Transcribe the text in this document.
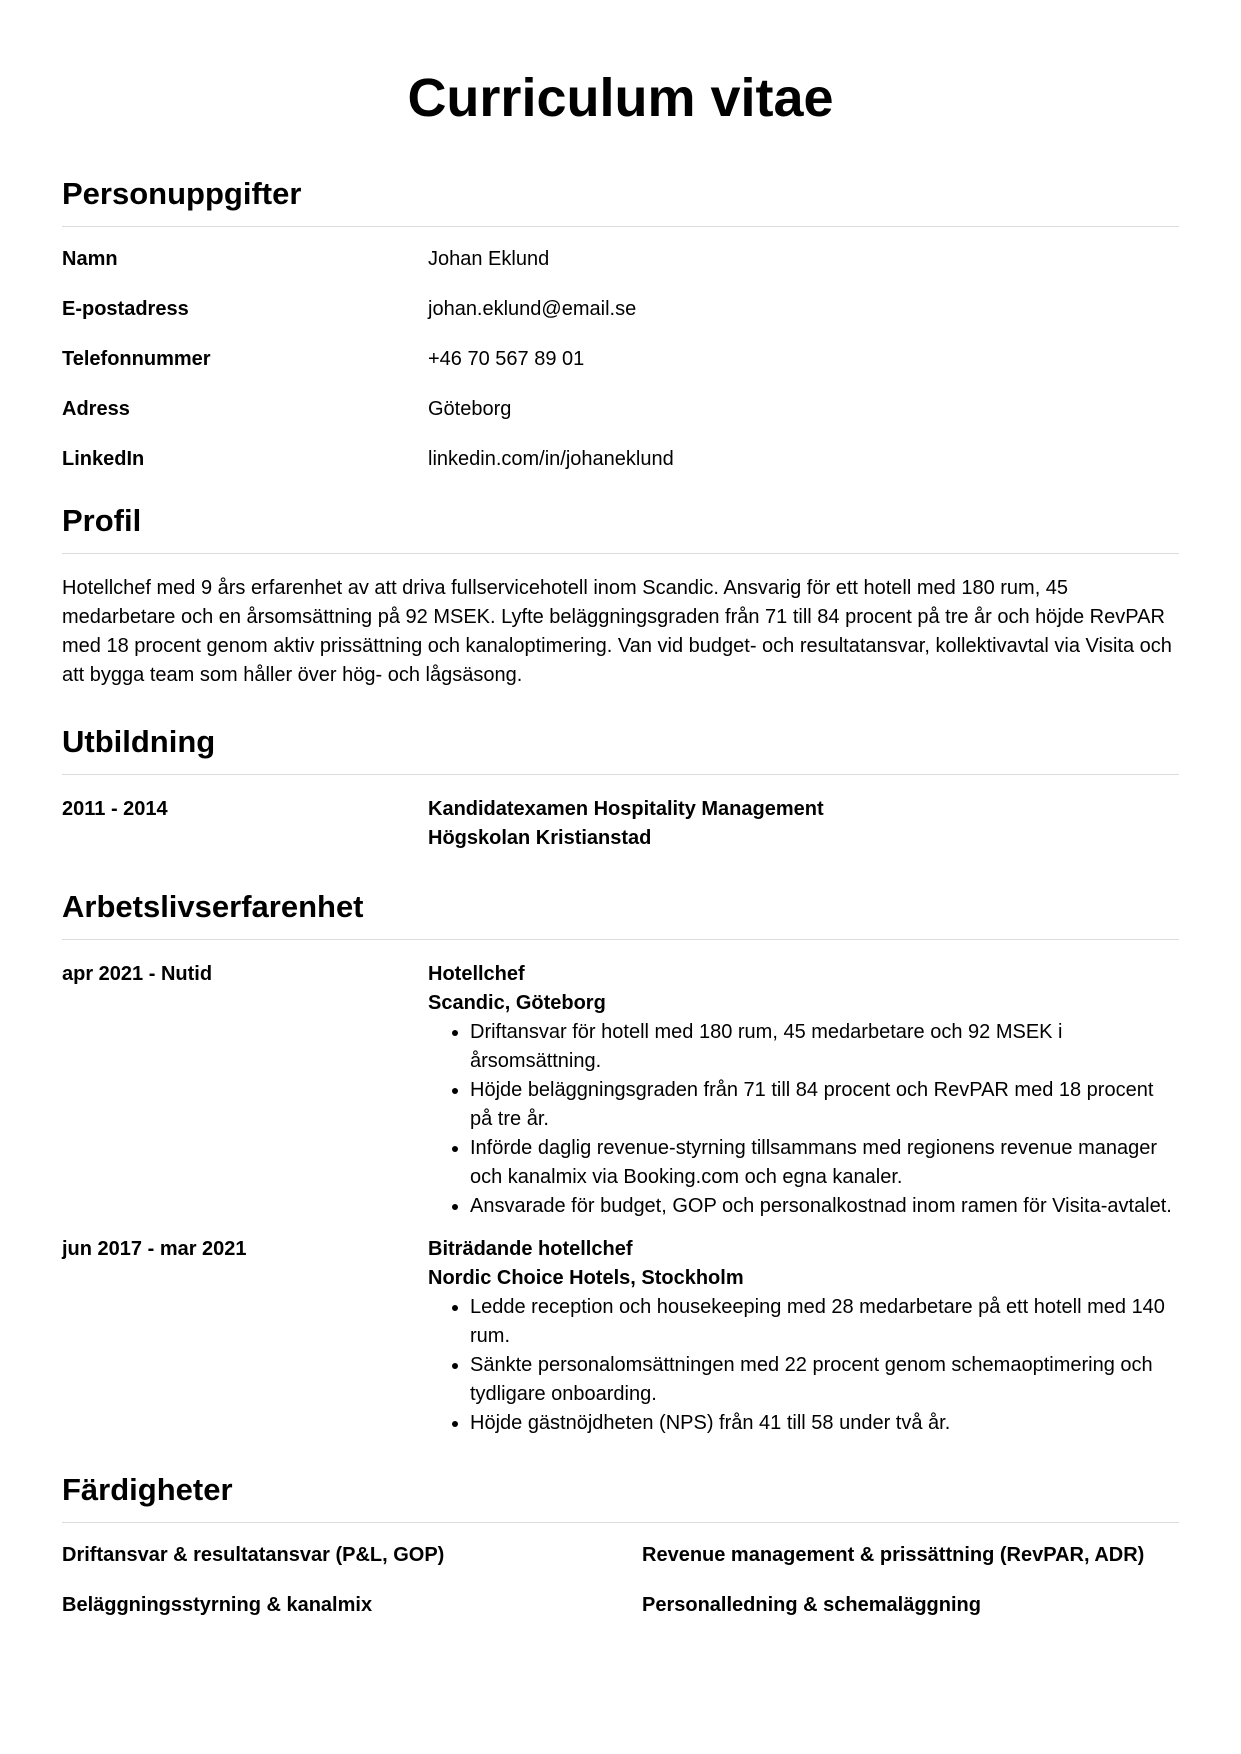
Curriculum vitae
Personuppgifter
Namn	Johan Eklund
E-postadress	johan.eklund@email.se
Telefonnummer	+46 70 567 89 01
Adress	Göteborg
LinkedIn	linkedin.com/in/johaneklund
Profil

Hotellchef med 9 års erfarenhet av att driva fullservicehotell inom Scandic. Ansvarig för ett hotell med 180 rum, 45 medarbetare och en årsomsättning på 92 MSEK. Lyfte beläggningsgraden från 71 till 84 procent på tre år och höjde RevPAR med 18 procent genom aktiv prissättning och kanaloptimering. Van vid budget- och resultatansvar, kollektivavtal via Visita och att bygga team som håller över hög- och lågsäsong.

Utbildning
2011 - 2014	Kandidatexamen Hospitality Management
Högskolan Kristianstad
Arbetslivserfarenhet
apr 2021 - Nutid	Hotellchef
Scandic, Göteborg
• Driftansvar för hotell med 180 rum, 45 medarbetare och 92 MSEK i årsomsättning.
• Höjde beläggningsgraden från 71 till 84 procent och RevPAR med 18 procent på tre år.
• Införde daglig revenue-styrning tillsammans med regionens revenue manager och kanalmix via Booking.com och egna kanaler.
• Ansvarade för budget, GOP och personalkostnad inom ramen för Visita-avtalet.
jun 2017 - mar 2021	Biträdande hotellchef
Nordic Choice Hotels, Stockholm
• Ledde reception och housekeeping med 28 medarbetare på ett hotell med 140 rum.
• Sänkte personalomsättningen med 22 procent genom schemaoptimering och tydligare onboarding.
• Höjde gästnöjdheten (NPS) från 41 till 58 under två år.
Färdigheter
Driftansvar & resultatansvar (P&L, GOP)	Revenue management & prissättning (RevPAR, ADR)
Beläggningsstyrning & kanalmix	Personalledning & schemaläggning
